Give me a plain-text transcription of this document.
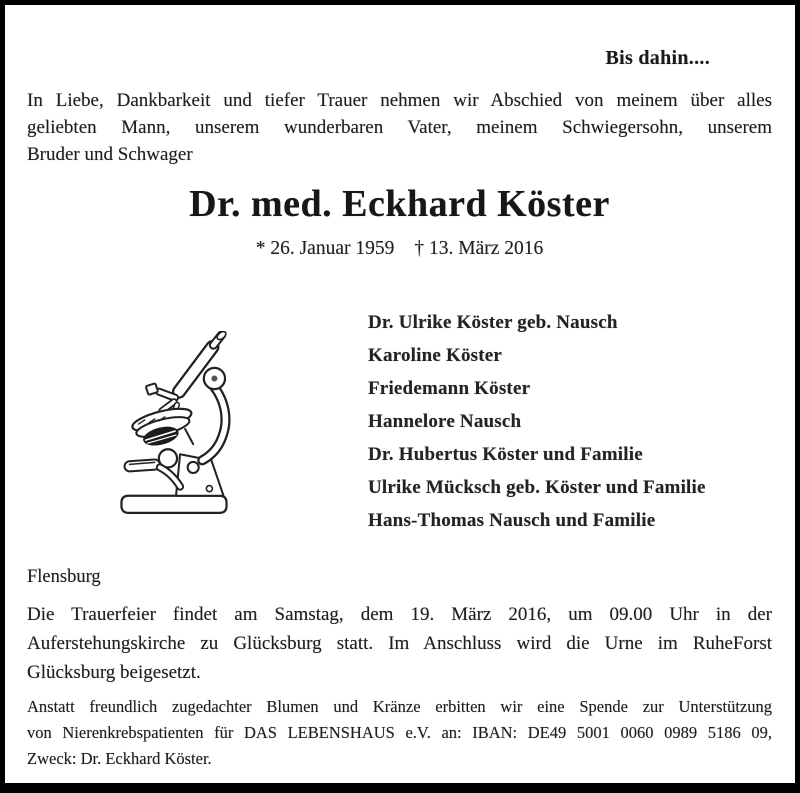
Bis dahin....
In Liebe, Dankbarkeit und tiefer Trauer nehmen wir Abschied von meinem über alles
geliebten Mann, unserem wunderbaren Vater, meinem Schwiegersohn, unserem
Bruder und Schwager
Dr. med. Eckhard Köster
* 26. Januar 1959 † 13. März 2016
Dr. Ulrike Köster geb. Nausch
Karoline Köster
Friedemann Köster
Hannelore Nausch
Dr. Hubertus Köster und Familie
Ulrike Mücksch geb. Köster und Familie
Hans-Thomas Nausch und Familie
Flensburg
Die Trauerfeier findet am Samstag, dem 19. März 2016, um 09.00 Uhr in der
Auferstehungskirche zu Glücksburg statt. Im Anschluss wird die Urne im RuheForst
Glücksburg beigesetzt.
Anstatt freundlich zugedachter Blumen und Kränze erbitten wir eine Spende zur Unterstützung
von Nierenkrebspatienten für DAS LEBENSHAUS e.V. an: IBAN: DE49 5001 0060 0989 5186 09,
Zweck: Dr. Eckhard Köster.
